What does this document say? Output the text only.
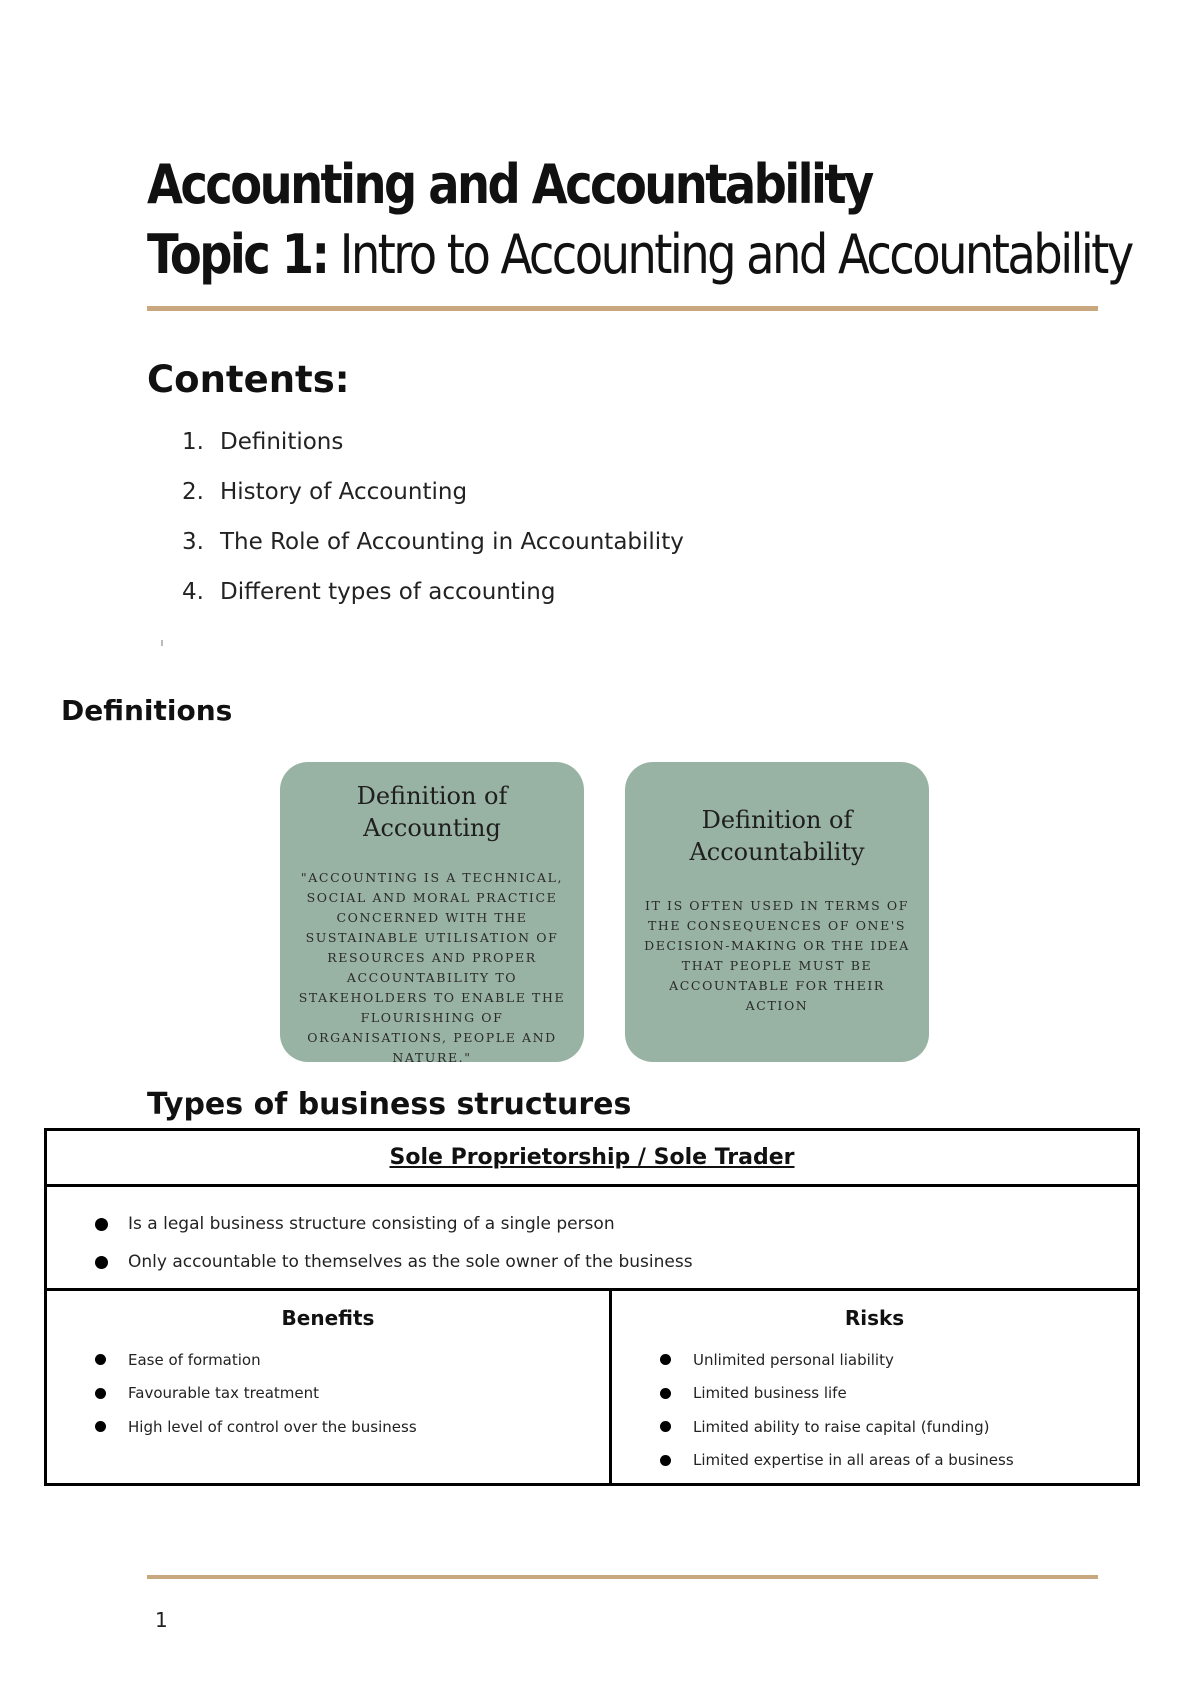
Accounting and Accountability
Topic 1: Intro to Accounting and Accountability
Contents:
1. Definitions
2. History of Accounting
3. The Role of Accounting in Accountability
4. Different types of accounting
Definitions
Definition of Accounting
"ACCOUNTING IS A TECHNICAL, SOCIAL AND MORAL PRACTICE CONCERNED WITH THE SUSTAINABLE UTILISATION OF RESOURCES AND PROPER ACCOUNTABILITY TO STAKEHOLDERS TO ENABLE THE FLOURISHING OF ORGANISATIONS, PEOPLE AND NATURE."
Definition of Accountability
IT IS OFTEN USED IN TERMS OF THE CONSEQUENCES OF ONE'S DECISION-MAKING OR THE IDEA THAT PEOPLE MUST BE ACCOUNTABLE FOR THEIR ACTION
Types of business structures
Sole Proprietorship / Sole Trader
Is a legal business structure consisting of a single person
Only accountable to themselves as the sole owner of the business
Benefits
Ease of formation
Favourable tax treatment
High level of control over the business
Risks
Unlimited personal liability
Limited business life
Limited ability to raise capital (funding)
Limited expertise in all areas of a business
1
